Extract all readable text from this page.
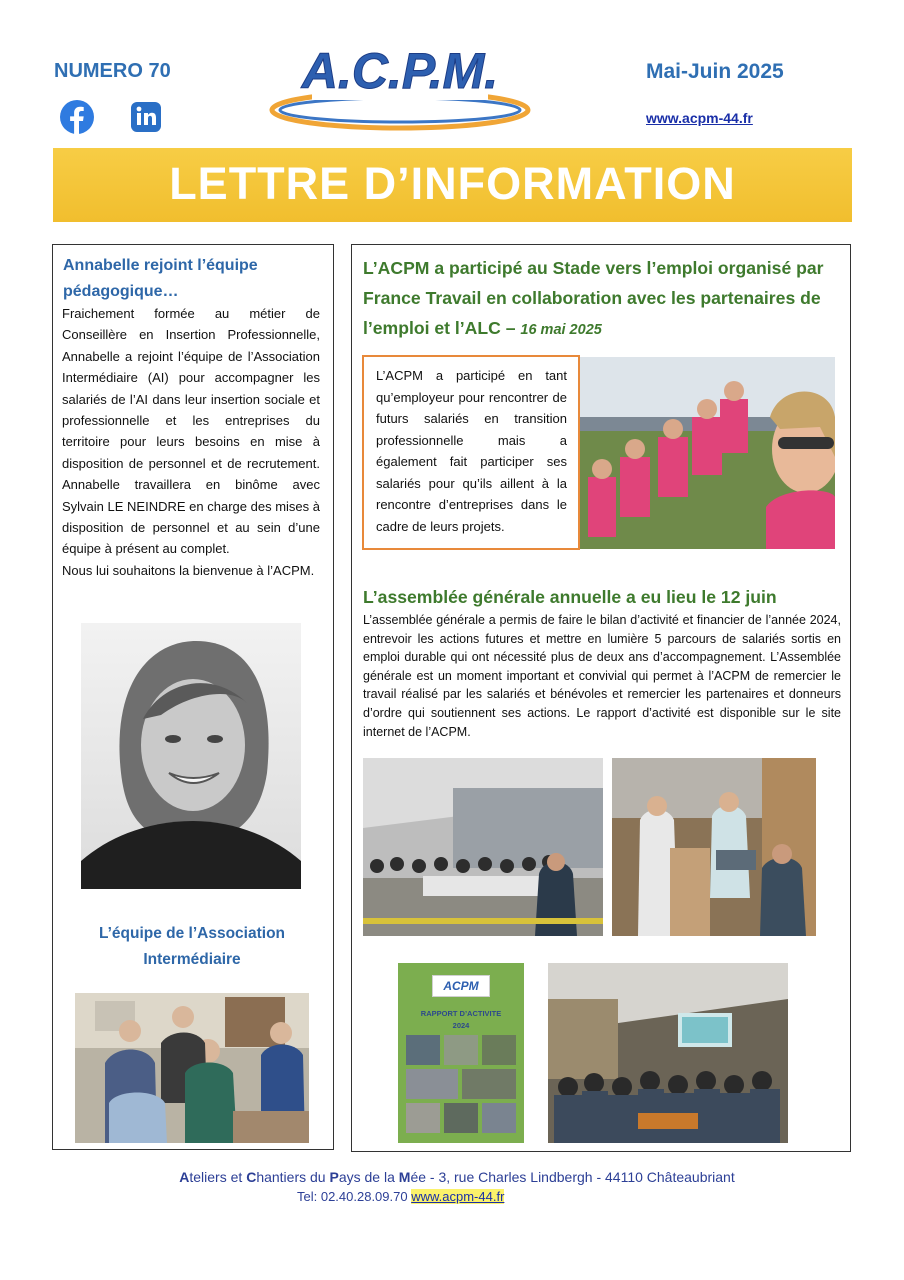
NUMERO 70	A.C.P.M.	Mai-Juin 2025
www.acpm-44.fr
LETTRE D’INFORMATION
Annabelle rejoint l’équipe pédagogique…

Fraichement formée au métier de Conseillère en Insertion Professionnelle, Annabelle a rejoint l’équipe de l’Association Intermédiaire (AI) pour accompagner les salariés de l’AI dans leur insertion sociale et professionnelle et les entreprises du territoire pour leurs besoins en mise à disposition de personnel et de recrutement. Annabelle travaillera en binôme avec Sylvain LE NEINDRE en charge des mises à disposition de personnel et au sein d’une équipe à présent au complet.

Nous lui souhaitons la bienvenue à l’ACPM.

L’équipe de l’Association Intermédiaire
L’ACPM a participé au Stade vers l’emploi organisé par France Travail en collaboration avec les partenaires de l’emploi et l’ALC – 16 mai 2025

L’ACPM a participé en tant qu’employeur pour rencontrer de futurs salariés en transition professionnelle mais a également fait participer ses salariés pour qu’ils aillent à la rencontre d’entreprises dans le cadre de leurs projets.

L’assemblée générale annuelle a eu lieu le 12 juin
L’assemblée générale a permis de faire le bilan d’activité et financier de l’année 2024, entrevoir les actions futures et mettre en lumière 5 parcours de salariés sortis en emploi durable qui ont nécessité plus de deux ans d’accompagnement. L’Assemblée générale est un moment important et convivial qui permet à l’ACPM de remercier le travail réalisé par les salariés et bénévoles et remercier les partenaires et donneurs d’ordre qui soutiennent ses actions. Le rapport d’activité est disponible sur le site internet de l’ACPM.
ACPM
RAPPORT D’ACTIVITE
2024
Ateliers et Chantiers du Pays de la Mée - 3, rue Charles Lindbergh - 44110 Châteaubriant
Tel: 02.40.28.09.70 www.acpm-44.fr
